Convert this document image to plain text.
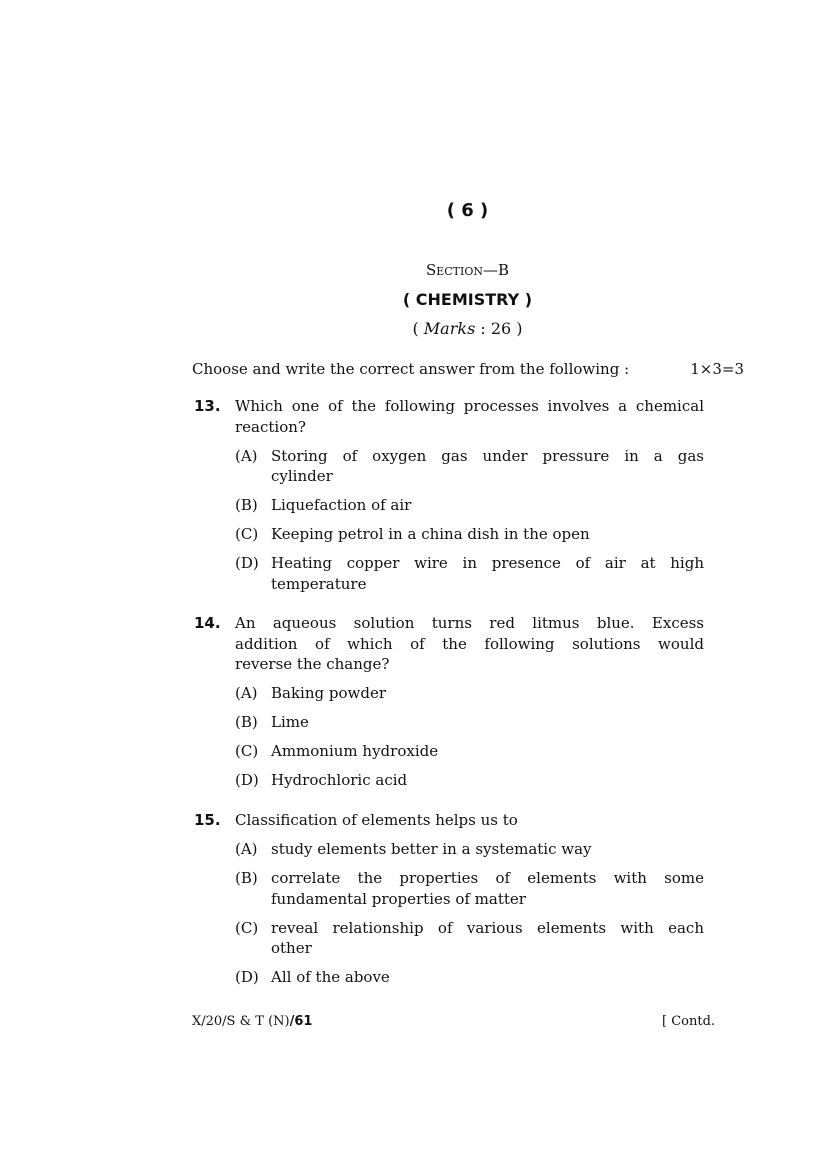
( 6 )
Section—B
( CHEMISTRY )
( Marks : 26 )
Choose and write the correct answer from the following :	1×3=3
13. Which one of the following processes involves a chemical
reaction?
(A) Storing of oxygen gas under pressure in a gas
cylinder
(B) Liquefaction of air
(C) Keeping petrol in a china dish in the open
(D) Heating copper wire in presence of air at high
temperature
14. An aqueous solution turns red litmus blue. Excess
addition of which of the following solutions would
reverse the change?
(A) Baking powder
(B) Lime
(C) Ammonium hydroxide
(D) Hydrochloric acid
15. Classification of elements helps us to
(A) study elements better in a systematic way
(B) correlate the properties of elements with some
fundamental properties of matter
(C) reveal relationship of various elements with each
other
(D) All of the above
X/20/S & T (N)/61	[ Contd.
